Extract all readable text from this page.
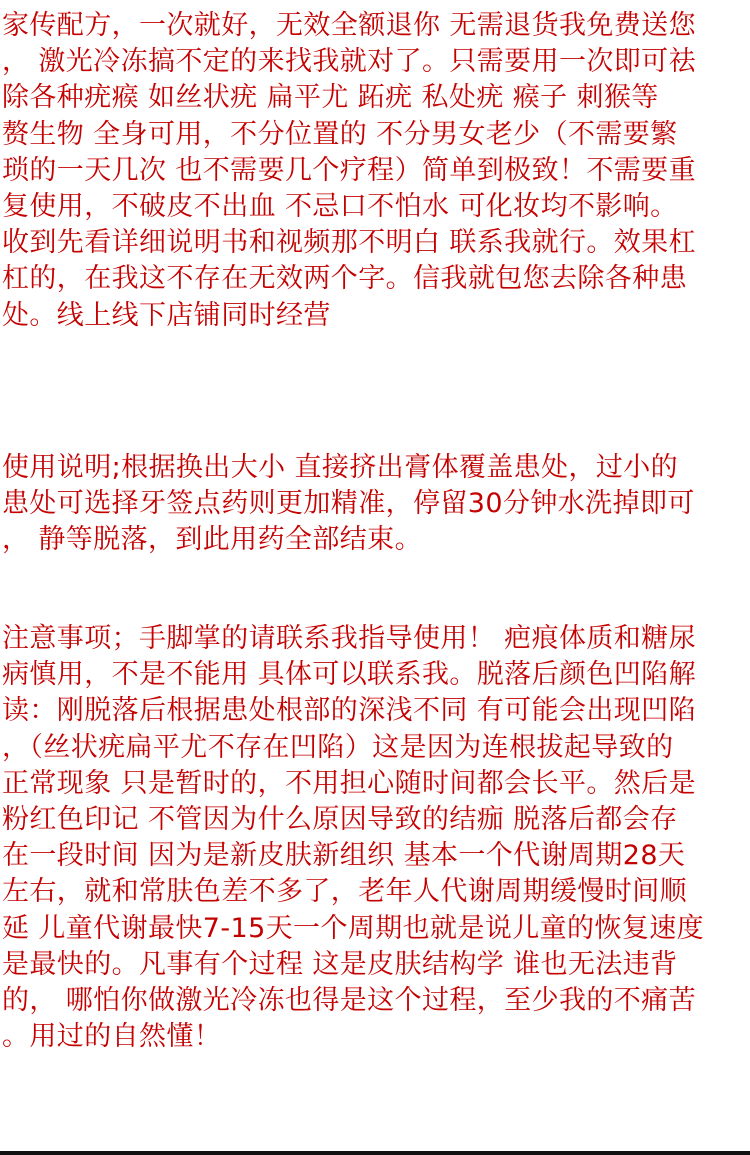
家传配方，一次就好，无效全额退你 无需退货我免费送您
， 激光冷冻搞不定的来找我就对了。只需要用一次即可祛
除各种疣瘊 如丝状疣 扁平尤 跖疣 私处疣 瘊子 刺猴等
赘生物 全身可用，不分位置的 不分男女老少（不需要繁
琐的一天几次 也不需要几个疗程）简单到极致！不需要重
复使用，不破皮不出血 不忌口不怕水 可化妆均不影响。
收到先看详细说明书和视频那不明白 联系我就行。效果杠
杠的，在我这不存在无效两个字。信我就包您去除各种患
处。线上线下店铺同时经营
使用说明;根据换出大小 直接挤出膏体覆盖患处，过小的
患处可选择牙签点药则更加精准，停留30分钟水洗掉即可
， 静等脱落，到此用药全部结束。
注意事项；手脚掌的请联系我指导使用！ 疤痕体质和糖尿
病慎用，不是不能用 具体可以联系我。脱落后颜色凹陷解
读：刚脱落后根据患处根部的深浅不同 有可能会出现凹陷
，（丝状疣扁平尤不存在凹陷）这是因为连根拔起导致的
正常现象 只是暂时的，不用担心随时间都会长平。然后是
粉红色印记 不管因为什么原因导致的结痂 脱落后都会存
在一段时间 因为是新皮肤新组织 基本一个代谢周期28天
左右，就和常肤色差不多了，老年人代谢周期缓慢时间顺
延 儿童代谢最快7-15天一个周期也就是说儿童的恢复速度
是最快的。凡事有个过程 这是皮肤结构学 谁也无法违背
的， 哪怕你做激光冷冻也得是这个过程，至少我的不痛苦
。用过的自然懂！
